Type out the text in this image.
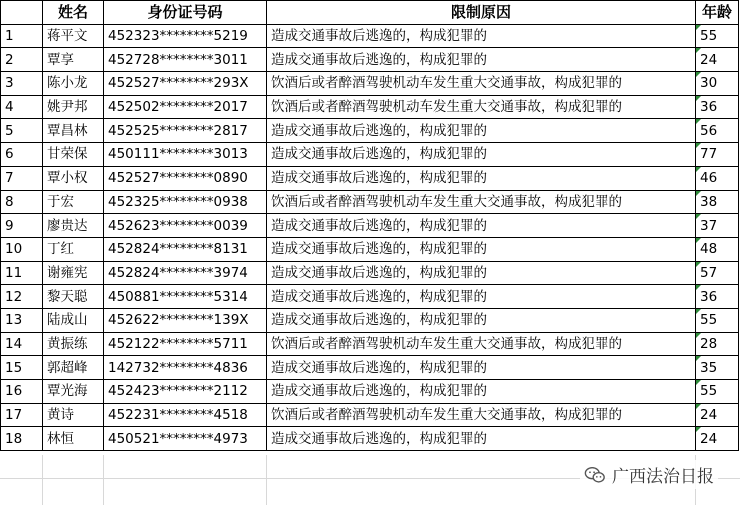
	姓名	身份证号码	限制原因	年龄
1	蒋平文	452323********5219	造成交通事故后逃逸的，构成犯罪的	55
2	覃享	452728********3011	造成交通事故后逃逸的，构成犯罪的	24
3	陈小龙	452527********293X	饮酒后或者醉酒驾驶机动车发生重大交通事故，构成犯罪的	30
4	姚尹邦	452502********2017	饮酒后或者醉酒驾驶机动车发生重大交通事故，构成犯罪的	36
5	覃昌林	452525********2817	造成交通事故后逃逸的，构成犯罪的	56
6	甘荣保	450111********3013	造成交通事故后逃逸的，构成犯罪的	77
7	覃小权	452527********0890	造成交通事故后逃逸的，构成犯罪的	46
8	于宏	452325********0938	饮酒后或者醉酒驾驶机动车发生重大交通事故，构成犯罪的	38
9	廖贵达	452623********0039	造成交通事故后逃逸的，构成犯罪的	37
10	丁红	452824********8131	造成交通事故后逃逸的，构成犯罪的	48
11	谢雍宪	452824********3974	造成交通事故后逃逸的，构成犯罪的	57
12	黎天聪	450881********5314	造成交通事故后逃逸的，构成犯罪的	36
13	陆成山	452622********139X	造成交通事故后逃逸的，构成犯罪的	55
14	黄振练	452122********5711	饮酒后或者醉酒驾驶机动车发生重大交通事故，构成犯罪的	28
15	郭超峰	142732********4836	造成交通事故后逃逸的，构成犯罪的	35
16	覃光海	452423********2112	造成交通事故后逃逸的，构成犯罪的	55
17	黄诗	452231********4518	饮酒后或者醉酒驾驶机动车发生重大交通事故，构成犯罪的	24
18	林恒	450521********4973	造成交通事故后逃逸的，构成犯罪的	24
广西法治日报
